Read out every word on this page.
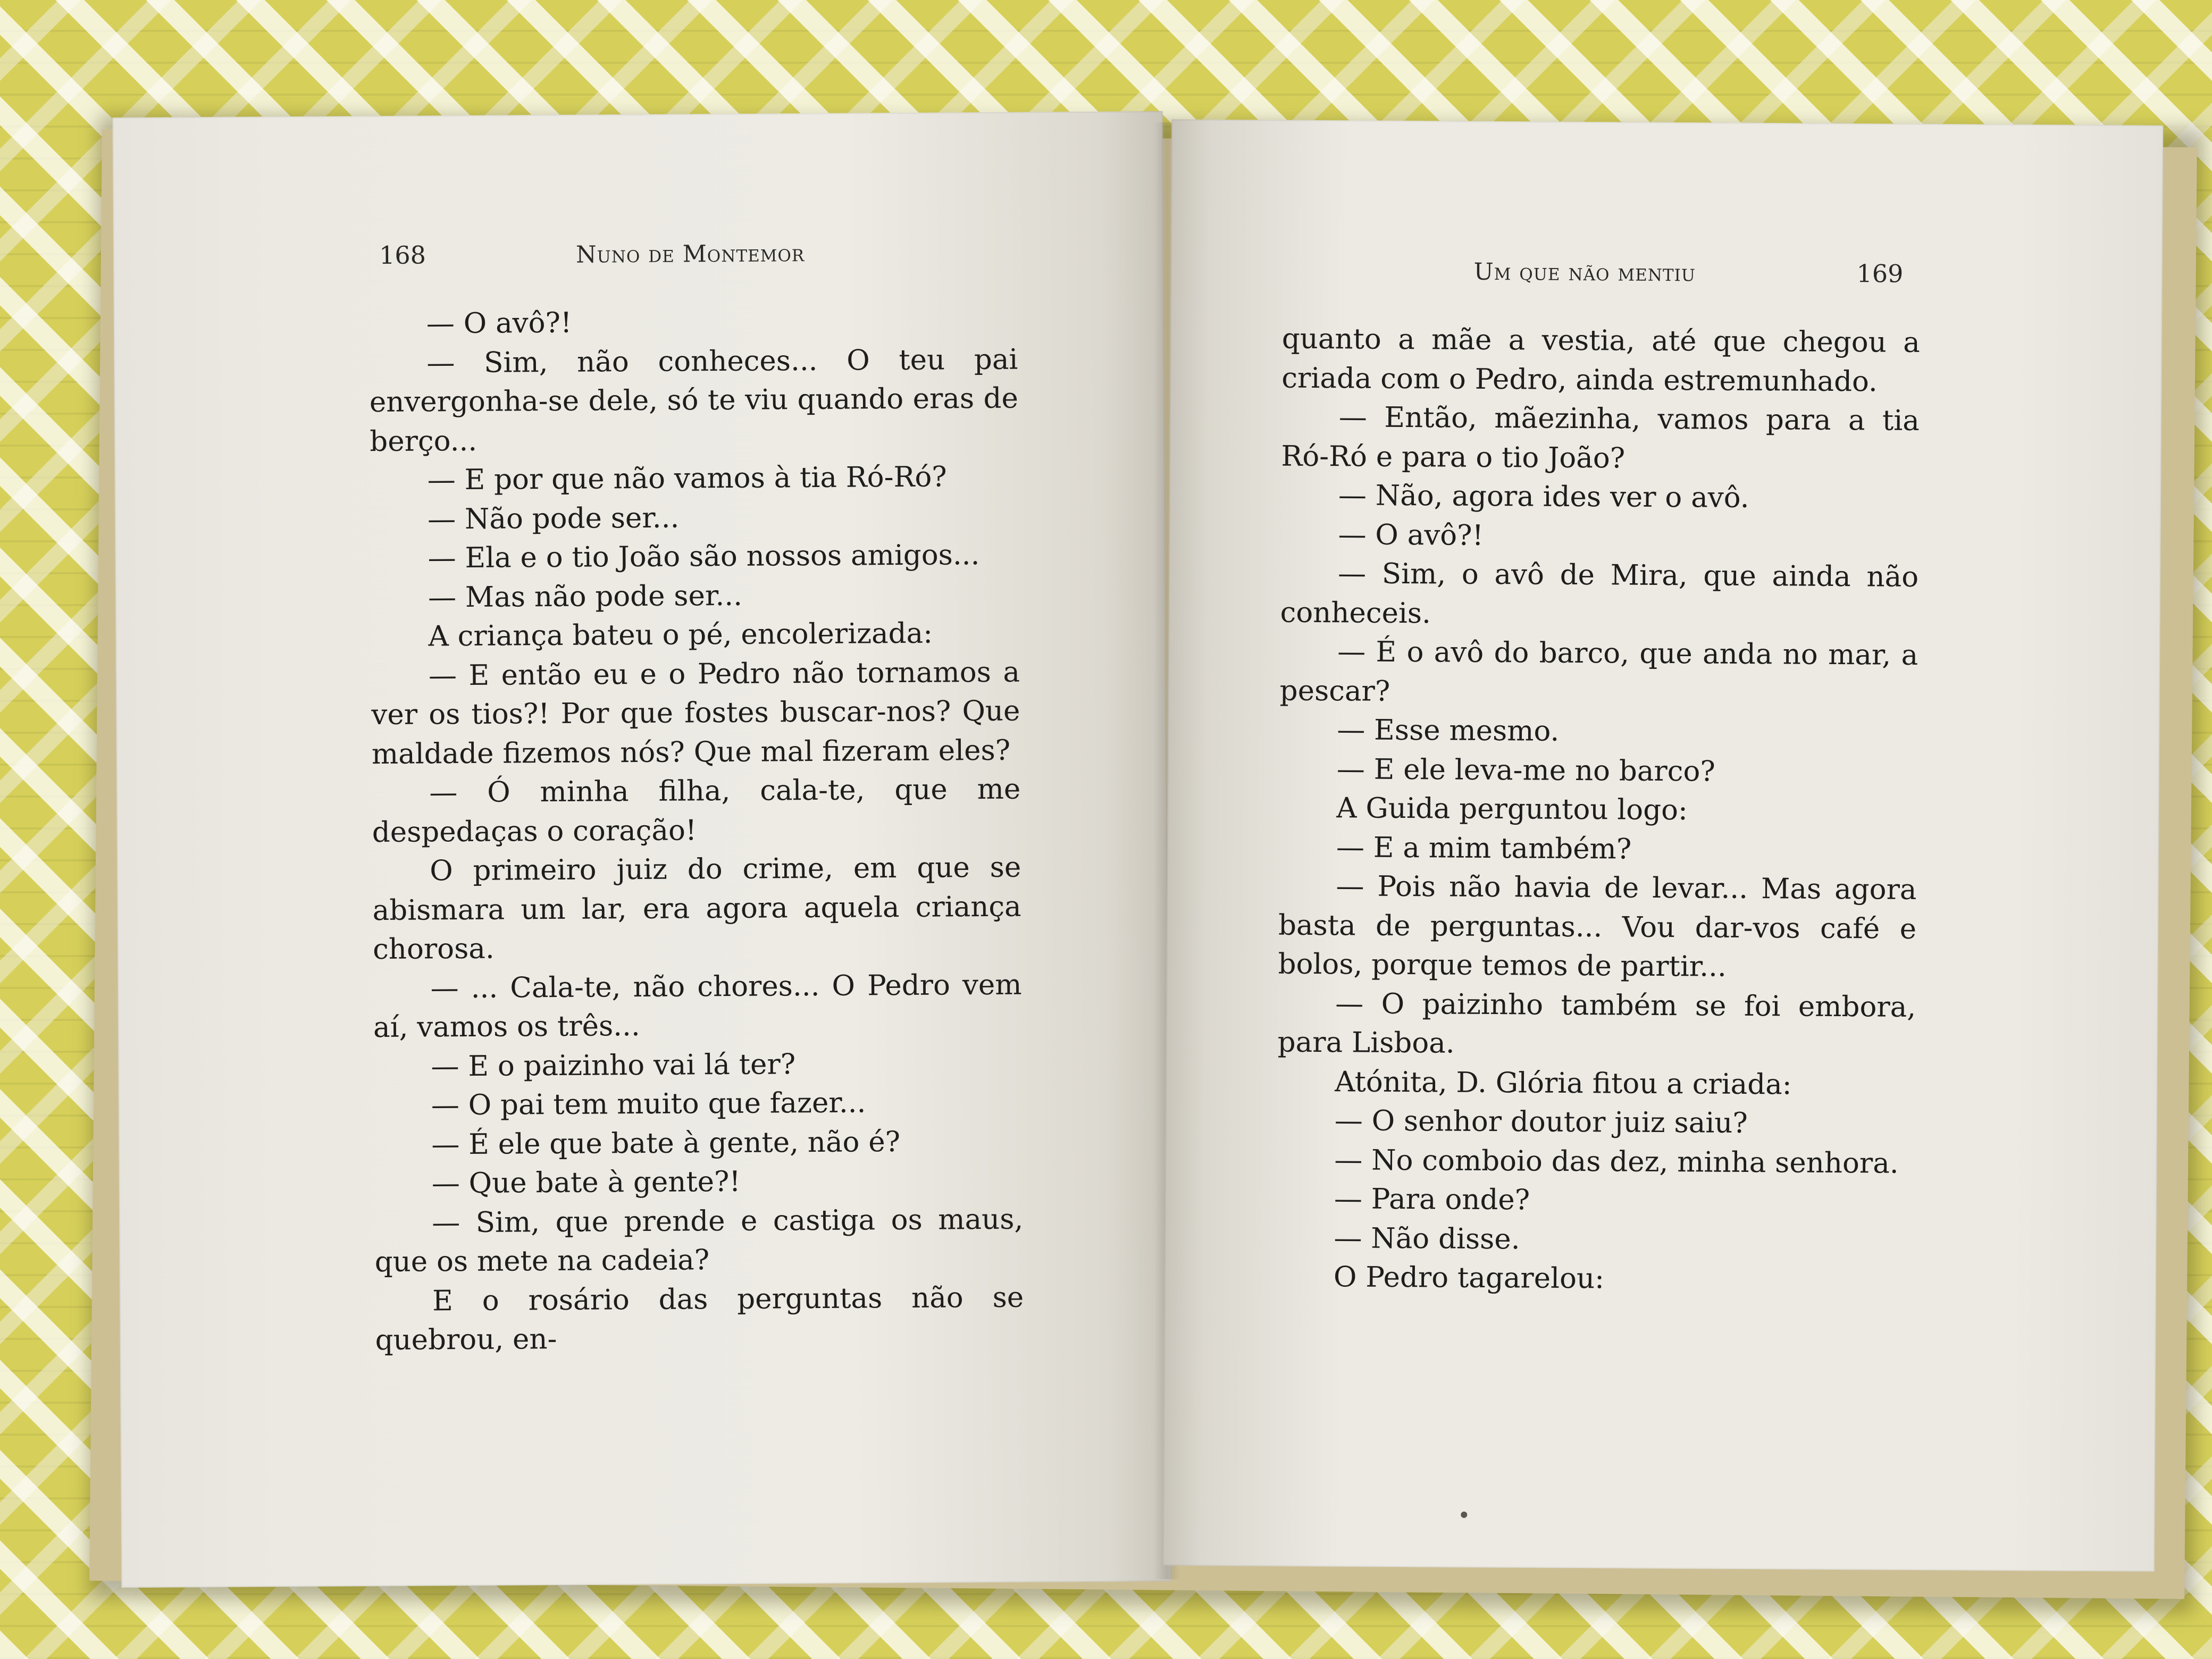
168	Nuno de Montemor

— O avô?!

— Sim, não conheces... O teu pai envergonha-se dele, só te viu quando eras de berço...

— E por que não vamos à tia Ró-Ró?

— Não pode ser...

— Ela e o tio João são nossos amigos...

— Mas não pode ser...

A criança bateu o pé, encolerizada:

— E então eu e o Pedro não tornamos a ver os tios?! Por que fostes buscar-nos? Que maldade fizemos nós? Que mal fizeram eles?

— Ó minha filha, cala-te, que me despedaças o coração!

O primeiro juiz do crime, em que se abismara um lar, era agora aquela criança chorosa.

— ... Cala-te, não chores... O Pedro vem aí, vamos os três...

— E o paizinho vai lá ter?

— O pai tem muito que fazer...

— É ele que bate à gente, não é?

— Que bate à gente?!

— Sim, que prende e castiga os maus, que os mete na cadeia?

E o rosário das perguntas não se quebrou, en-

Um que não mentiu	169

quanto a mãe a vestia, até que chegou a criada com o Pedro, ainda estremunhado.

— Então, mãezinha, vamos para a tia Ró-Ró e para o tio João?

— Não, agora ides ver o avô.

— O avô?!

— Sim, o avô de Mira, que ainda não conheceis.

— É o avô do barco, que anda no mar, a pescar?

— Esse mesmo.

— E ele leva-me no barco?

A Guida perguntou logo:

— E a mim também?

— Pois não havia de levar... Mas agora basta de perguntas... Vou dar-vos café e bolos, porque temos de partir...

— O paizinho também se foi embora, para Lisboa.

Atónita, D. Glória fitou a criada:

— O senhor doutor juiz saiu?

— No comboio das dez, minha senhora.

— Para onde?

— Não disse.

O Pedro tagarelou:
